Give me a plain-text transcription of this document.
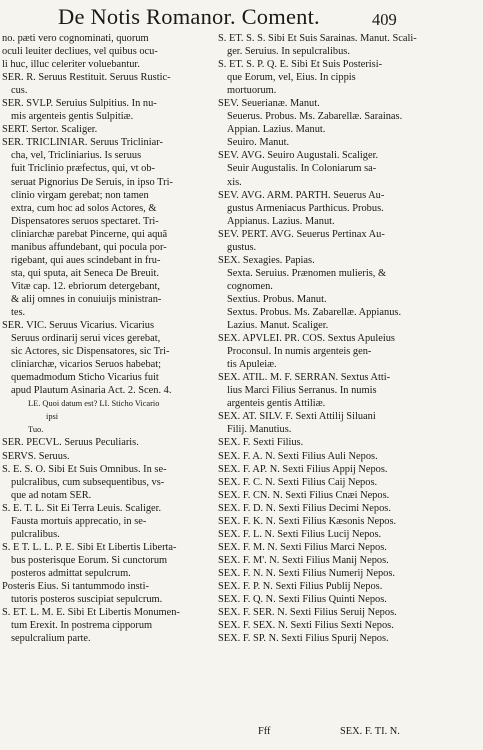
De Notis Romanor. Coment.	409
no. pæti vero cognominati, quorum
oculi leuiter decliues, vel quibus ocu-
li huc, illuc celeriter voluebantur.
SER. R. Seruus Restituit. Seruus Rustic-
cus.
SER. SVLP. Seruius Sulpitius. In nu-
mis argenteis gentis Sulpitiæ.
SERT. Sertor. Scaliger.
SER. TRICLINIAR. Seruus Tricliniar-
cha, vel, Tricliniarius. Is seruus
fuit Triclinio præfectus, qui, vt ob-
seruat Pignorius De Seruis, in ipso Tri-
clinio virgam gerebat; non tamen
extra, cum hoc ad solos Actores, &
Dispensatores seruos spectaret. Tri-
cliniarchæ parebat Pincerne, qui aquã
manibus affundebant, qui pocula por-
rigebant, qui aues scindebant in fru-
sta, qui sputa, ait Seneca De Breuit.
Vitæ cap. 12. ebriorum detergebant,
& alij omnes in conuiuijs ministran-
tes.
SER. VIC. Seruus Vicarius. Vicarius
Seruus ordinarij serui vices gerebat,
sic Actores, sic Dispensatores, sic Tri-
cliniarchæ, vicarios Seruos habebat;
quemadmodum Sticho Vicarius fuit
apud Plautum Asinaria Act. 2. Scen. 4.
LE. Quoi datum est? LI. Sticho Vicario
ipsi
Tuo.
SER. PECVL. Seruus Peculiaris.
SERVS. Seruus.
S. E. S. O. Sibi Et Suis Omnibus. In se-
pulcralibus, cum subsequentibus, vs-
que ad notam SER.
S. E. T. L. Sit Ei Terra Leuis. Scaliger.
Fausta mortuis apprecatio, in se-
pulcralibus.
S. E T. L. L. P. E. Sibi Et Libertis Liberta-
bus posterisque Eorum. Si cunctorum
posteros admittat sepulcrum.
Posteris Eius. Si tantummodo insti-
tutoris posteros suscipiat sepulcrum.
S. ET. L. M. E. Sibi Et Libertis Monumen-
tum Erexit. In postrema cipporum
sepulcralium parte.
S. ET. S. S. Sibi Et Suis Sarainas. Manut. Scali-
ger. Seruius. In sepulcralibus.
S. ET. S. P. Q. E. Sibi Et Suis Posterisi-
que Eorum, vel, Eius. In cippis
mortuorum.
SEV. Seuerianæ. Manut.
Seuerus. Probus. Ms. Zabarellæ. Sarainas.
Appian. Lazius. Manut.
Seuiro. Manut.
SEV. AVG. Seuiro Augustali. Scaliger.
Seuir Augustalis. In Coloniarum sa-
xis.
SEV. AVG. ARM. PARTH. Seuerus Au-
gustus Armeniacus Parthicus. Probus.
Appianus. Lazius. Manut.
SEV. PERT. AVG. Seuerus Pertinax Au-
gustus.
SEX. Sexagies. Papias.
Sexta. Seruius. Prænomen mulieris, &
cognomen.
Sextius. Probus. Manut.
Sextus. Probus. Ms. Zabarellæ. Appianus.
Lazius. Manut. Scaliger.
SEX. APVLEI. PR. COS. Sextus Apuleius
Proconsul. In numis argenteis gen-
tis Apuleiæ.
SEX. ATIL. M. F. SERRAN. Sextus Atti-
lius Marci Filius Serranus. In numis
argenteis gentis Attiliæ.
SEX. AT. SILV. F. Sexti Attilij Siluani
Filij. Manutius.
SEX. F. Sexti Filius.
SEX. F. A. N. Sexti Filius Auli Nepos.
SEX. F. AP. N. Sexti Filius Appij Nepos.
SEX. F. C. N. Sexti Filius Caij Nepos.
SEX. F. CN. N. Sexti Filius Cnæi Nepos.
SEX. F. D. N. Sexti Filius Decimi Nepos.
SEX. F. K. N. Sexti Filius Kæsonis Nepos.
SEX. F. L. N. Sexti Filius Lucij Nepos.
SEX. F. M. N. Sexti Filius Marci Nepos.
SEX. F. M'. N. Sexti Filius Manij Nepos.
SEX. F. N. N. Sexti Filius Numerij Nepos.
SEX. F. P. N. Sexti Filius Publij Nepos.
SEX. F. Q. N. Sexti Filius Quinti Nepos.
SEX. F. SER. N. Sexti Filius Seruij Nepos.
SEX. F. SEX. N. Sexti Filius Sexti Nepos.
SEX. F. SP. N. Sexti Filius Spurij Nepos.
Fff	SEX. F. TI. N.
